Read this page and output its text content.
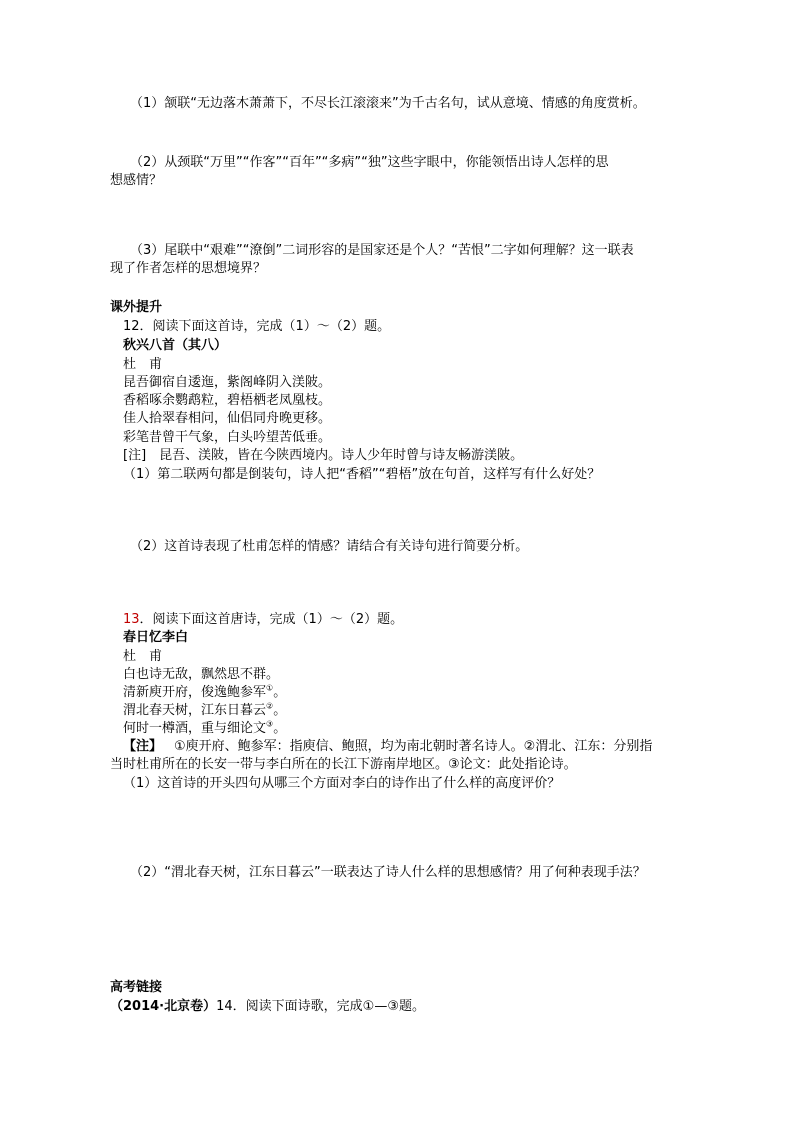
（1）颔联“无边落木萧萧下，不尽长江滚滚来”为千古名句，试从意境、情感的角度赏析。
（2）从颈联“万里”“作客”“百年”“多病”“独”这些字眼中，你能领悟出诗人怎样的思
想感情？
（3）尾联中“艰难”“潦倒”二词形容的是国家还是个人？“苦恨”二字如何理解？这一联表
现了作者怎样的思想境界？
课外提升
12．阅读下面这首诗，完成（1）～（2）题。
秋兴八首（其八）
杜　甫
昆吾御宿自逶迤，紫阁峰阴入渼陂。
香稻啄余鹦鹉粒，碧梧栖老凤凰枝。
佳人拾翠春相问，仙侣同舟晚更移。
彩笔昔曾干气象，白头吟望苦低垂。
[注]　昆吾、渼陂，皆在今陕西境内。诗人少年时曾与诗友畅游渼陂。
（1）第二联两句都是倒装句，诗人把“香稻”“碧梧”放在句首，这样写有什么好处？
（2）这首诗表现了杜甫怎样的情感？请结合有关诗句进行简要分析。
13．阅读下面这首唐诗，完成（1）～（2）题。
春日忆李白
杜　甫
白也诗无敌，飘然思不群。
清新庾开府，俊逸鲍参军①。
渭北春天树，江东日暮云②。
何时一樽酒，重与细论文③。
【注】 ①庾开府、鲍参军：指庾信、鲍照，均为南北朝时著名诗人。②渭北、江东：分别指
当时杜甫所在的长安一带与李白所在的长江下游南岸地区。③论文：此处指论诗。
（1）这首诗的开头四句从哪三个方面对李白的诗作出了什么样的高度评价？
（2）“渭北春天树，江东日暮云”一联表达了诗人什么样的思想感情？用了何种表现手法？
高考链接
（2014·北京卷）14．阅读下面诗歌，完成①—③题。
